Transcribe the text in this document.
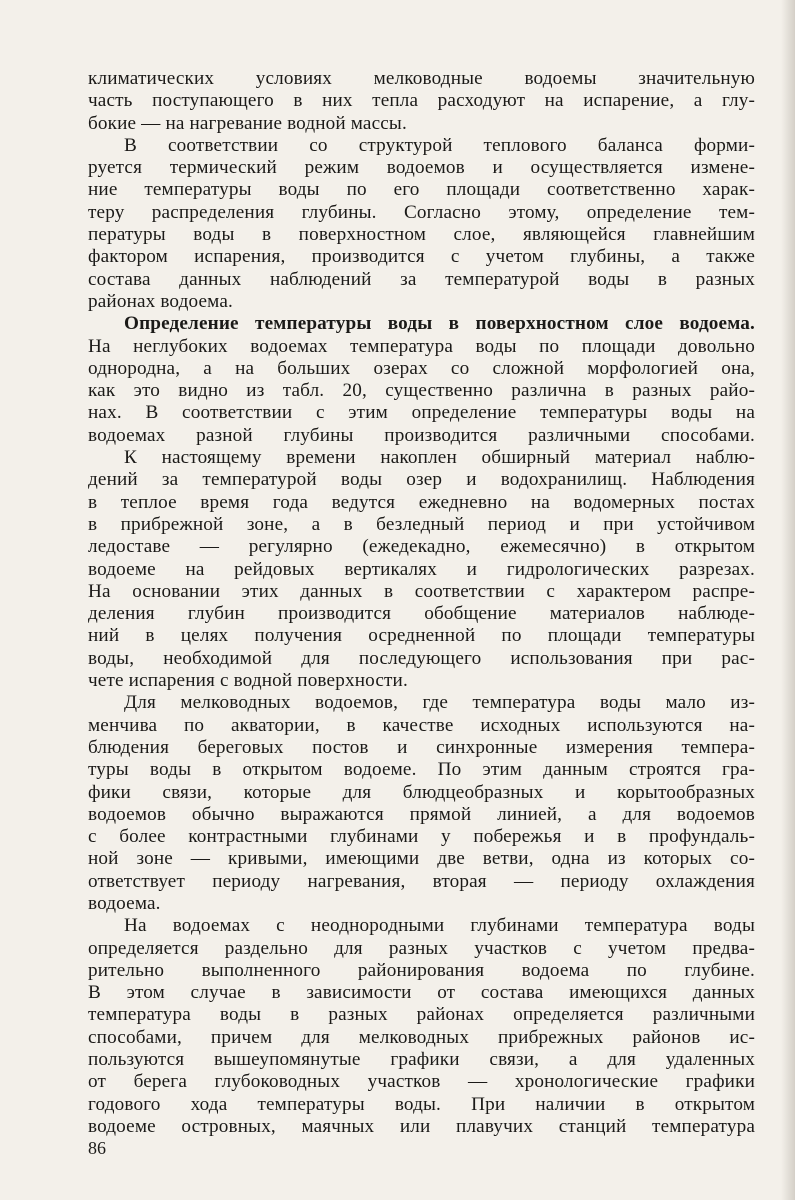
климатических условиях мелководные водоемы значительную
часть поступающего в них тепла расходуют на испарение, а глу-
бокие — на нагревание водной массы.
В соответствии со структурой теплового баланса форми-
руется термический режим водоемов и осуществляется измене-
ние температуры воды по его площади соответственно харак-
теру распределения глубины. Согласно этому, определение тем-
пературы воды в поверхностном слое, являющейся главнейшим
фактором испарения, производится с учетом глубины, а также
состава данных наблюдений за температурой воды в разных
районах водоема.
Определение температуры воды в поверхностном слое водоема.
На неглубоких водоемах температура воды по площади довольно
однородна, а на больших озерах со сложной морфологией она,
как это видно из табл. 20, существенно различна в разных райо-
нах. В соответствии с этим определение температуры воды на
водоемах разной глубины производится различными способами.
К настоящему времени накоплен обширный материал наблю-
дений за температурой воды озер и водохранилищ. Наблюдения
в теплое время года ведутся ежедневно на водомерных постах
в прибрежной зоне, а в безледный период и при устойчивом
ледоставе — регулярно (ежедекадно, ежемесячно) в открытом
водоеме на рейдовых вертикалях и гидрологических разрезах.
На основании этих данных в соответствии с характером распре-
деления глубин производится обобщение материалов наблюде-
ний в целях получения осредненной по площади температуры
воды, необходимой для последующего использования при рас-
чете испарения с водной поверхности.
Для мелководных водоемов, где температура воды мало из-
менчива по акватории, в качестве исходных используются на-
блюдения береговых постов и синхронные измерения темпера-
туры воды в открытом водоеме. По этим данным строятся гра-
фики связи, которые для блюдцеобразных и корытообразных
водоемов обычно выражаются прямой линией, а для водоемов
с более контрастными глубинами у побережья и в профундаль-
ной зоне — кривыми, имеющими две ветви, одна из которых со-
ответствует периоду нагревания, вторая — периоду охлаждения
водоема.
На водоемах с неоднородными глубинами температура воды
определяется раздельно для разных участков с учетом предва-
рительно выполненного районирования водоема по глубине.
В этом случае в зависимости от состава имеющихся данных
температура воды в разных районах определяется различными
способами, причем для мелководных прибрежных районов ис-
пользуются вышеупомянутые графики связи, а для удаленных
от берега глубоководных участков — хронологические графики
годового хода температуры воды. При наличии в открытом
водоеме островных, маячных или плавучих станций температура
86
